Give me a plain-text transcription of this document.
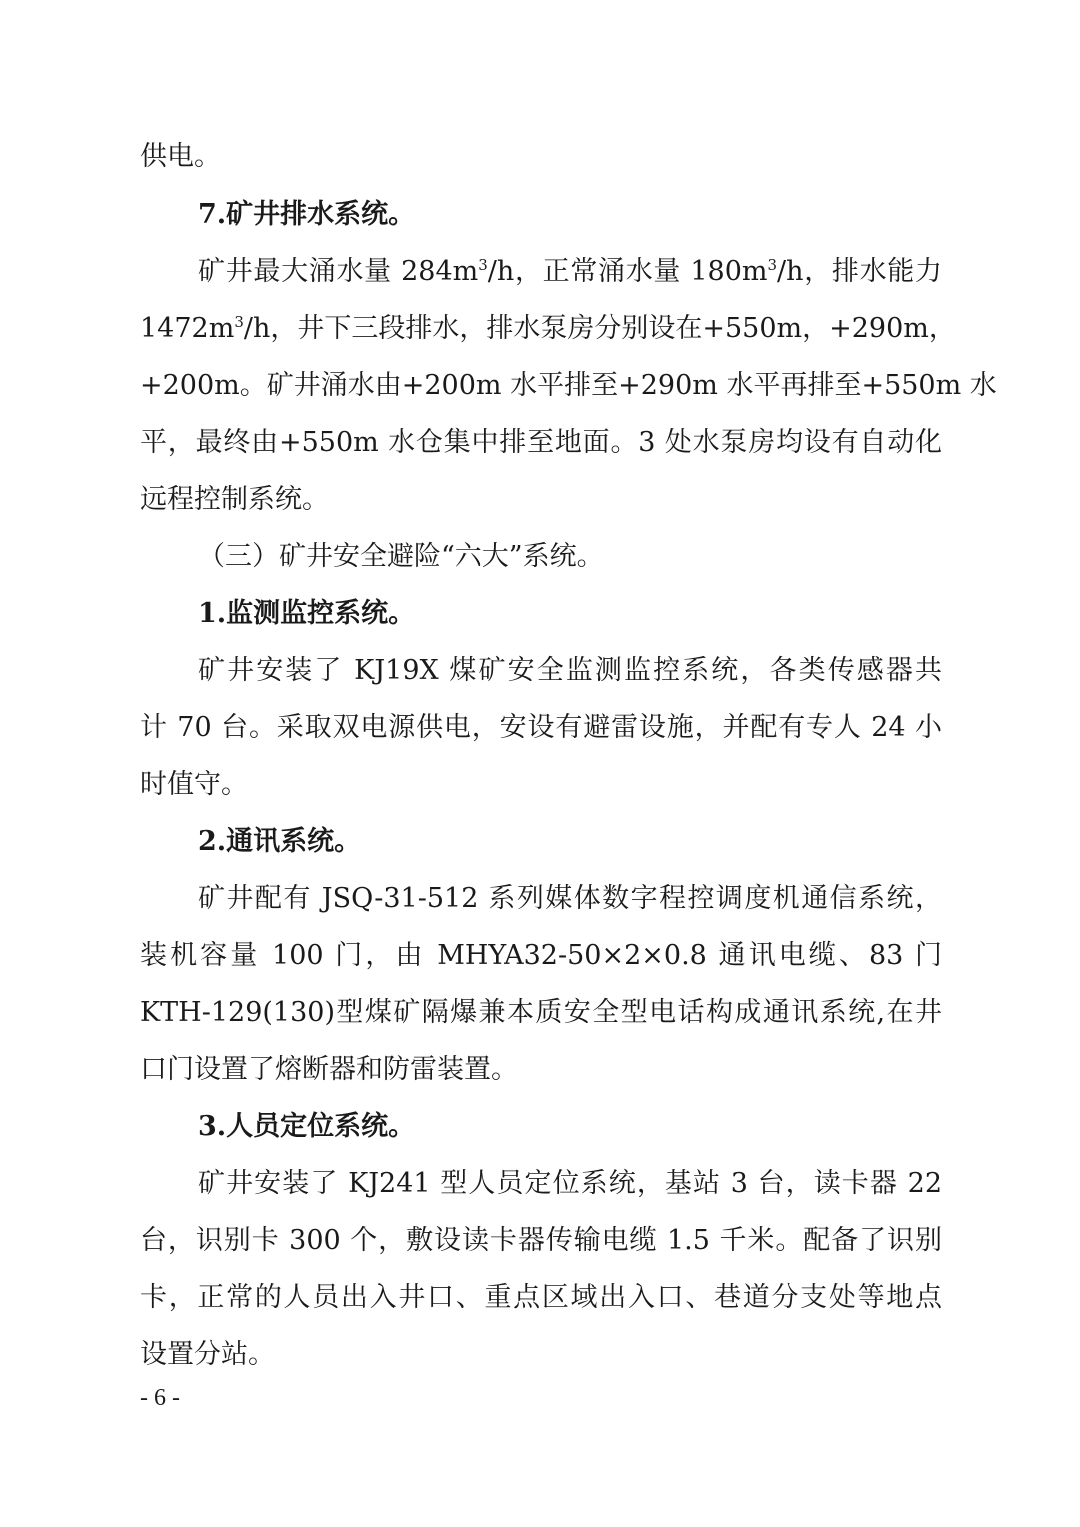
供电。
7.矿井排水系统。
矿井最大涌水量 $284m^3/h$，正常涌水量 $180m^3/h$，排水能力
$1472m^3/h$，井下三段排水，排水泵房分别设在+550m，+290m，
+200m。矿井涌水由+200m 水平排至+290m 水平再排至+550m 水
平，最终由+550m 水仓集中排至地面。3 处水泵房均设有自动化
远程控制系统。
（三）矿井安全避险“六大”系统。
1.监测监控系统。
矿井安装了 KJ19X 煤矿安全监测监控系统，各类传感器共
计 70 台。采取双电源供电，安设有避雷设施，并配有专人 24 小
时值守。
2.通讯系统。
矿井配有 JSQ-31-512 系列媒体数字程控调度机通信系统，
装机容量 100 门，由 MHYA32-50×2×0.8 通讯电缆、83 门
KTH-129(130)型煤矿隔爆兼本质安全型电话构成通讯系统,在井
口门设置了熔断器和防雷装置。
3.人员定位系统。
矿井安装了 KJ241 型人员定位系统，基站 3 台，读卡器 22
台，识别卡 300 个，敷设读卡器传输电缆 1.5 千米。配备了识别
卡，正常的人员出入井口、重点区域出入口、巷道分支处等地点
设置分站。
- 6 -
